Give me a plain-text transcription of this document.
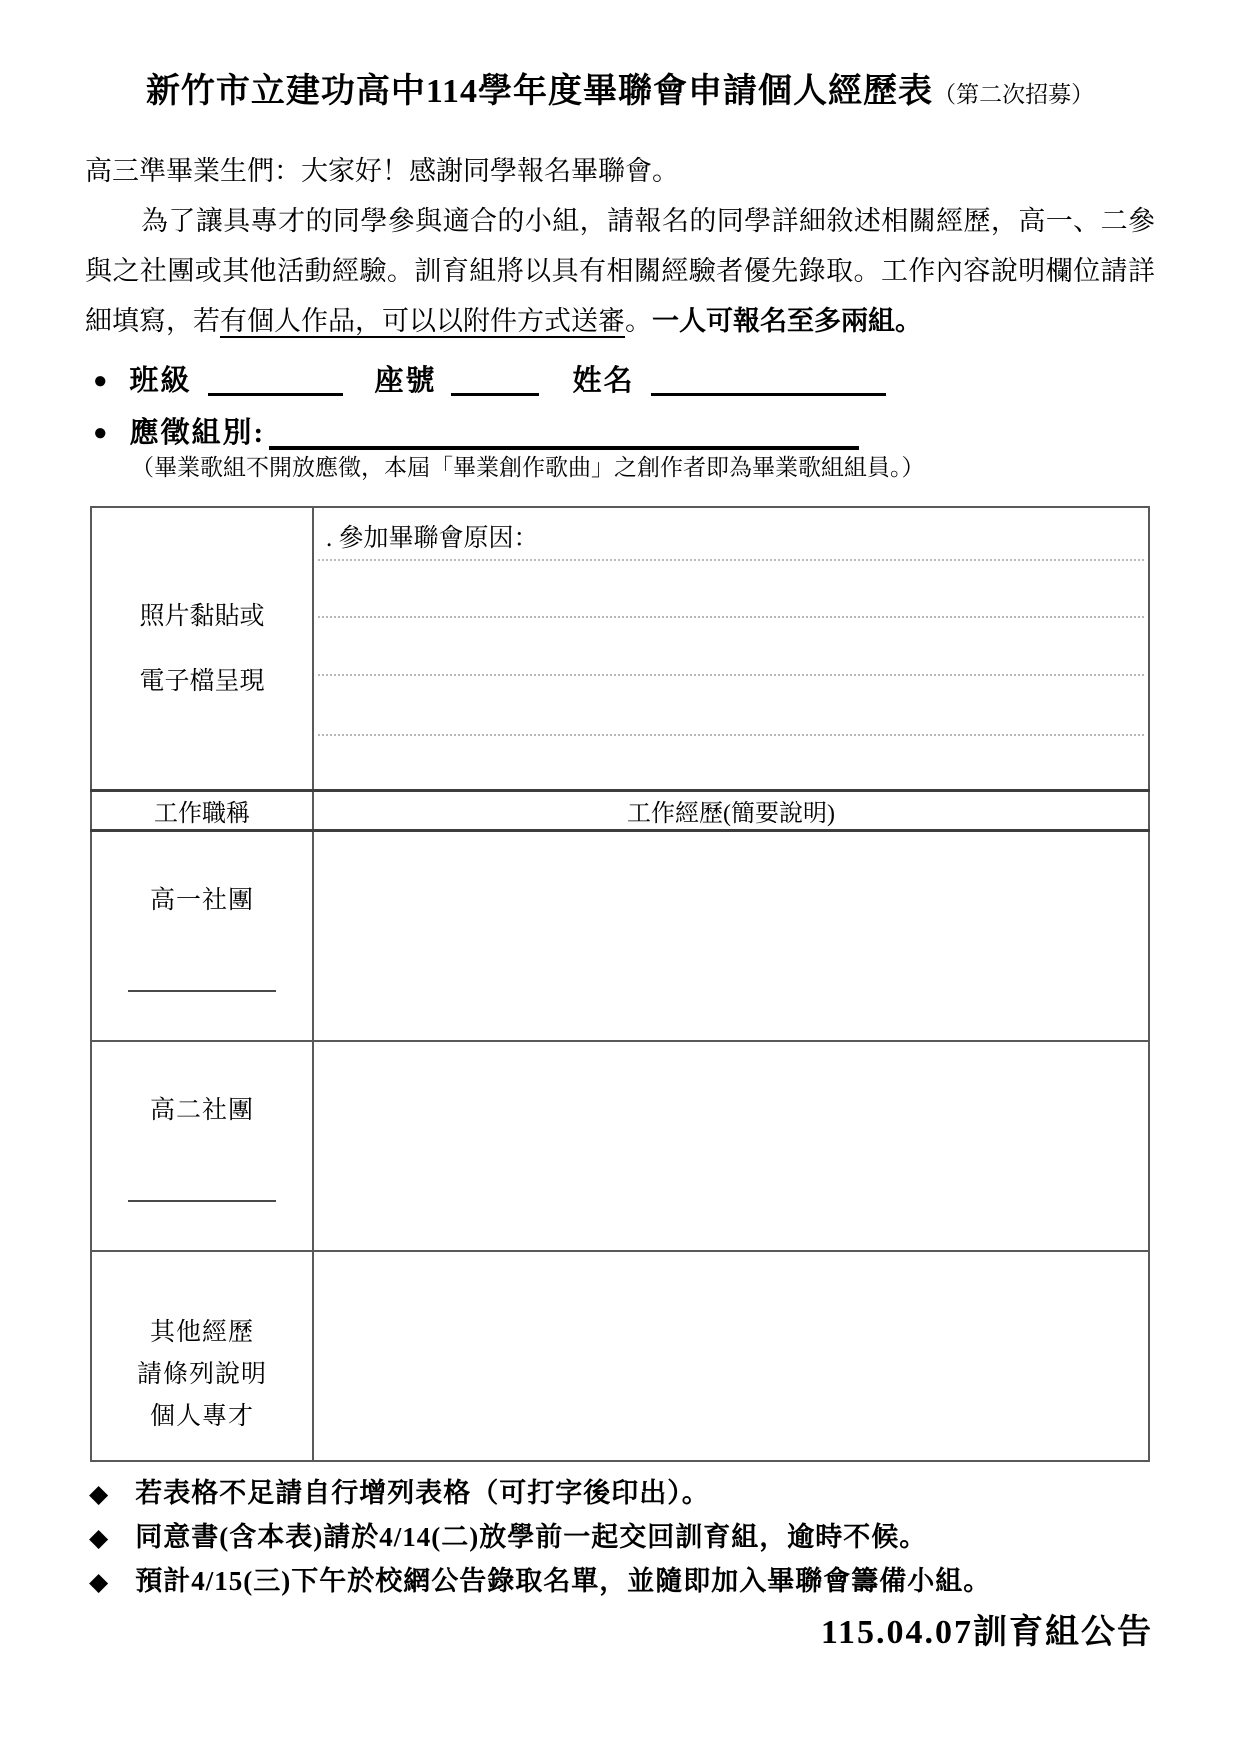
新竹市立建功高中114學年度畢聯會申請個人經歷表（第二次招募）

高三準畢業生們：大家好！感謝同學報名畢聯會。

為了讓具專才的同學參與適合的小組，請報名的同學詳細敘述相關經歷，高一、二參與之社團或其他活動經驗。訓育組將以具有相關經驗者優先錄取。工作內容說明欄位請詳細填寫，若有個人作品，可以以附件方式送審。一人可報名至多兩組。

● 班級	座號	姓名
● 應徵組別:

（畢業歌組不開放應徵，本屆「畢業創作歌曲」之創作者即為畢業歌組組員。）

照片黏貼或
電子檔呈現	. 參加畢聯會原因：

工作職稱	工作經歷(簡要說明)

高一社團	

高二社團	

其他經歷
請條列說明
個人專才	

◆ 若表格不足請自行增列表格（可打字後印出）。
◆ 同意書(含本表)請於4/14(二)放學前一起交回訓育組，逾時不候。
◆ 預計4/15(三)下午於校網公告錄取名單，並隨即加入畢聯會籌備小組。
115.04.07訓育組公告
